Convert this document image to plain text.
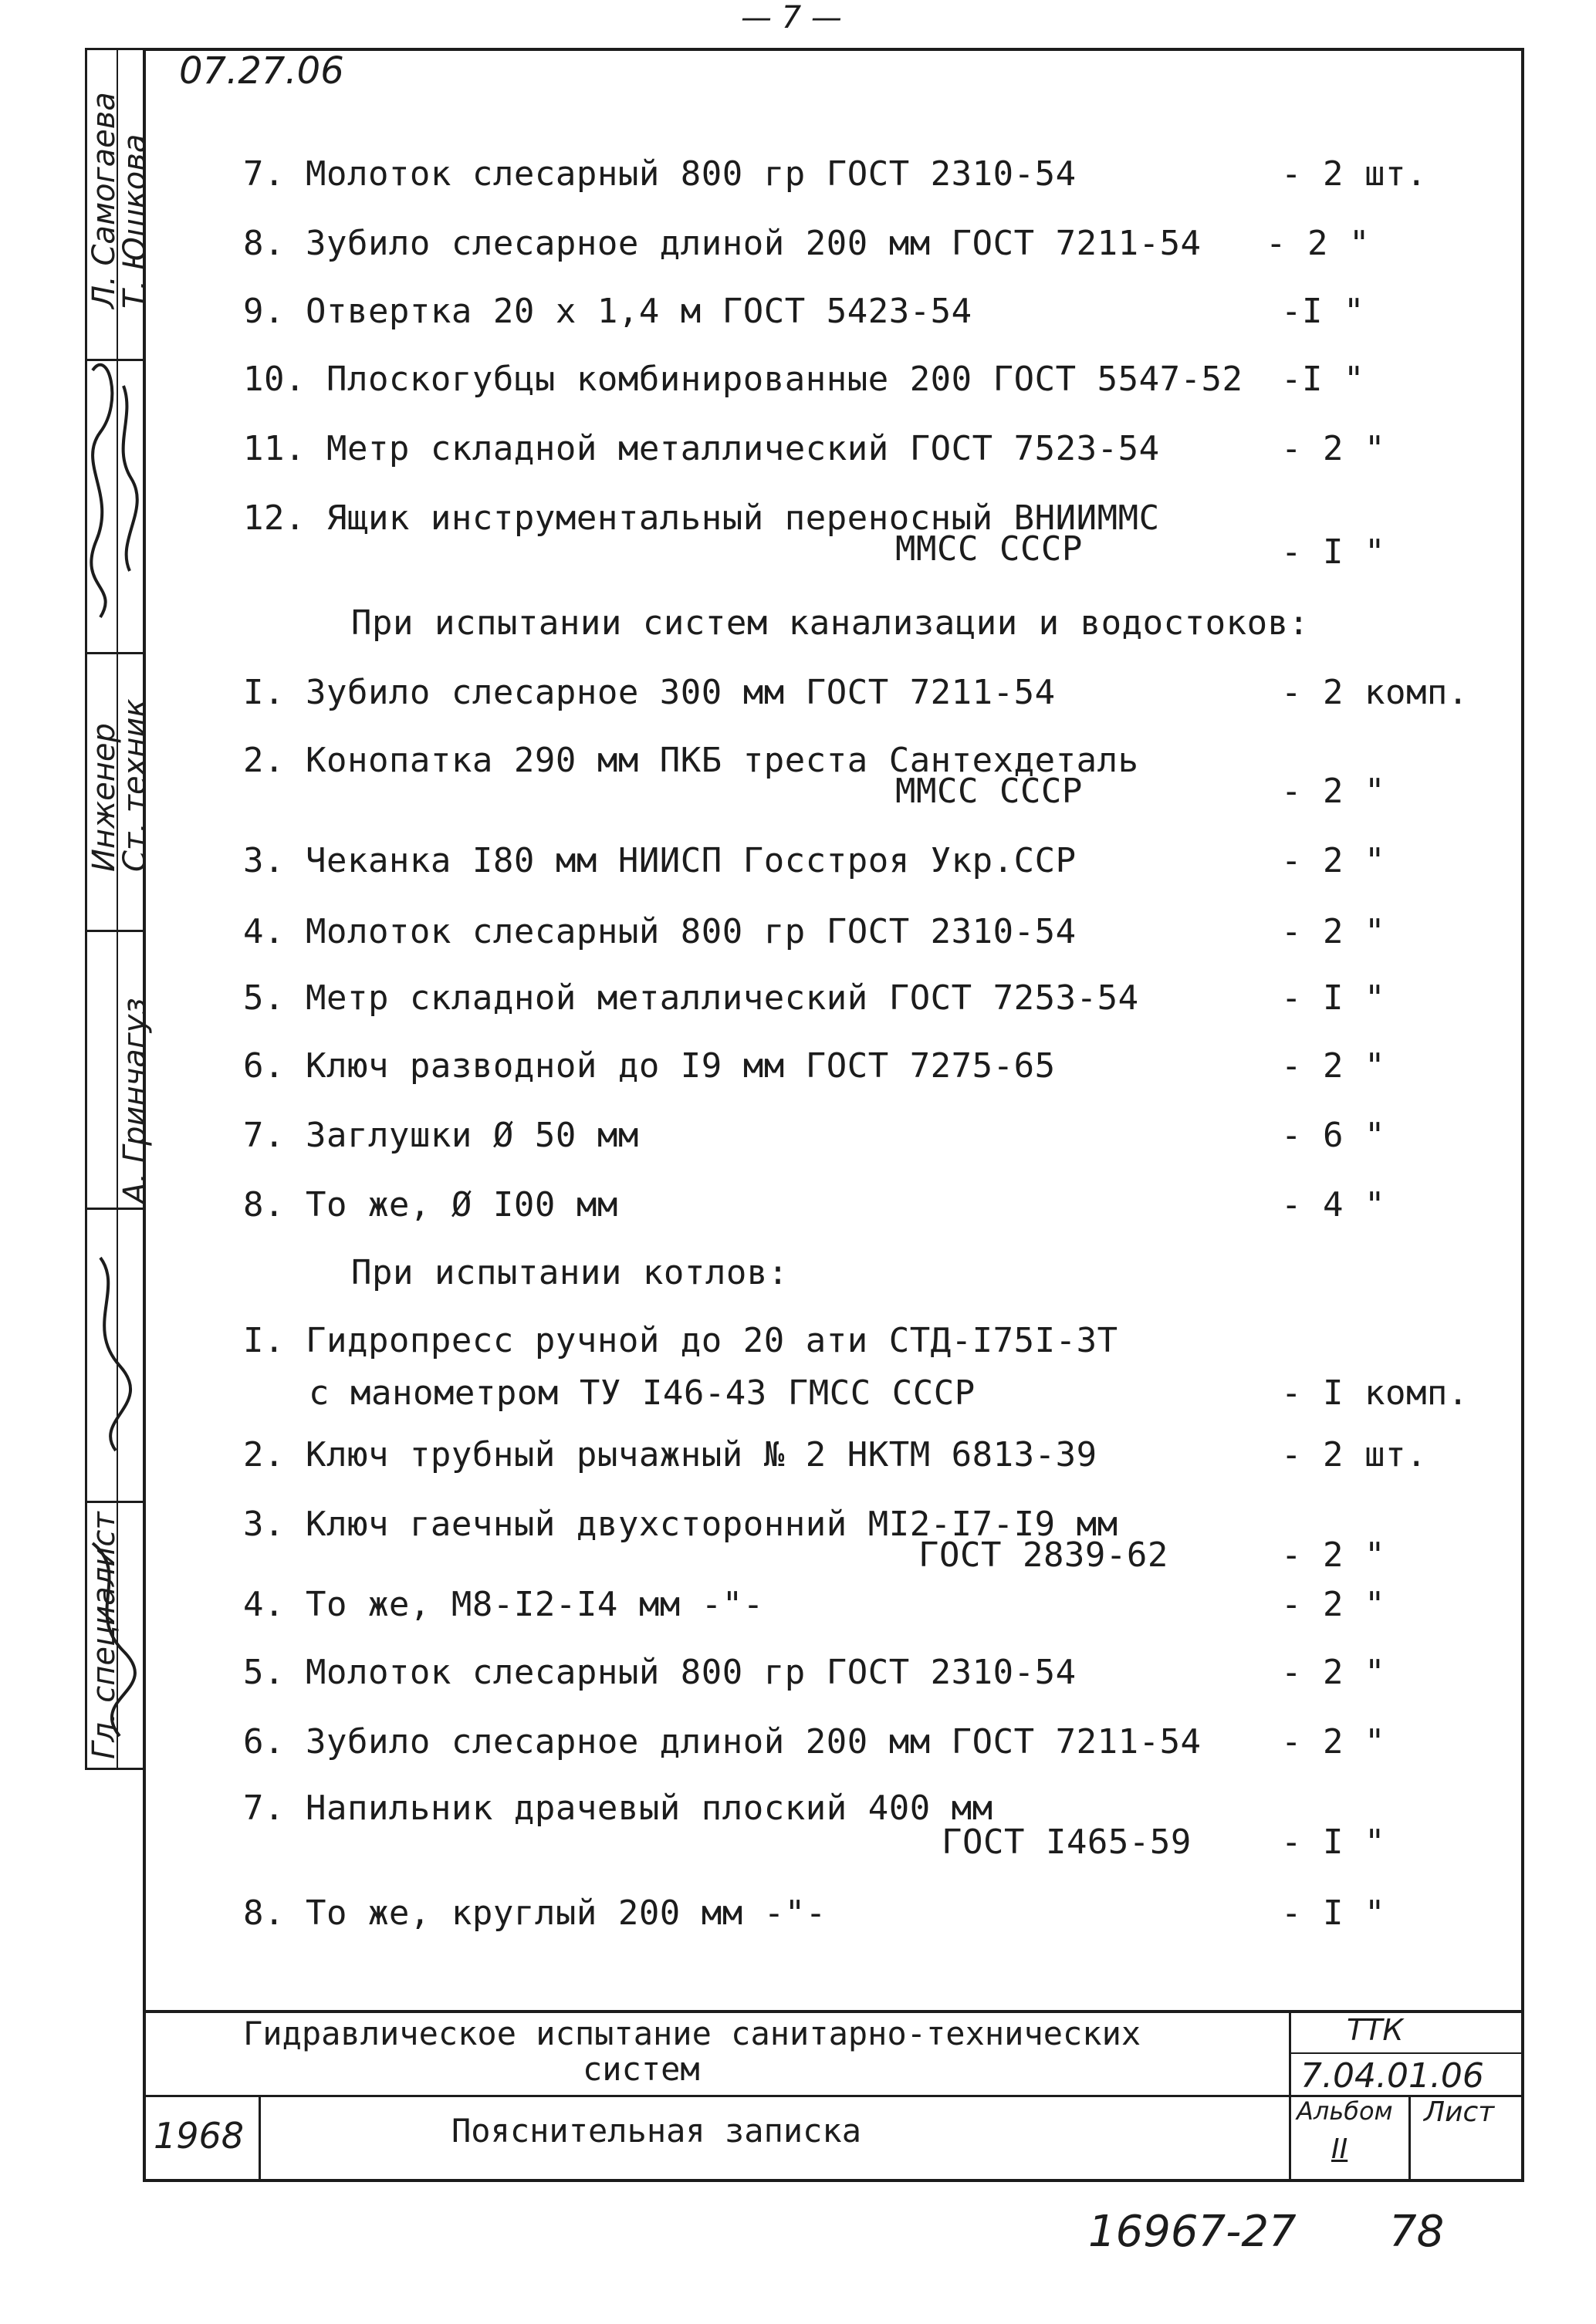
— 7 —
Л. Самогаева
Т. Юшкова
Инженер
Ст. техник
А. Гринчагуз
Гл. специалист
07.27.06
7. Молоток слесарный 800 гр ГОСТ 2310-54	- 2 шт.
8. Зубило слесарное длиной 200 мм ГОСТ 7211-54 - 2 "
9. Отвертка 20 х 1,4 м ГОСТ 5423-54	-I "
10. Плоскогубцы комбинированные 200 ГОСТ 5547-52 -I "
11. Метр складной металлический ГОСТ 7523-54	- 2 "
12. Ящик инструментальный переносный ВНИИММС
ММСС СССР	- I "
При испытании систем канализации и водостоков:
I. Зубило слесарное 300 мм ГОСТ 7211-54	- 2 комп.
2. Конопатка 290 мм ПКБ треста Сантехдеталь
ММСС СССР	- 2 "
3. Чеканка I80 мм НИИСП Госстроя Укр.ССР	- 2 "
4. Молоток слесарный 800 гр ГОСТ 2310-54	- 2 "
5. Метр складной металлический ГОСТ 7253-54	- I "
6. Ключ разводной до I9 мм ГОСТ 7275-65	- 2 "
7. Заглушки Ø 50 мм	- 6 "
8. То же, Ø I00 мм	- 4 "
При испытании котлов:
I. Гидропресс ручной до 20 ати СТД-I75I-3Т
с манометром ТУ I46-43 ГМСС СССР	- I комп.
2. Ключ трубный рычажный № 2 НКТМ 6813-39	- 2 шт.
3. Ключ гаечный двухсторонний MI2-I7-I9 мм
ГОСТ 2839-62	- 2 "
4. То же, M8-I2-I4 мм -"-	- 2 "
5. Молоток слесарный 800 гр ГОСТ 2310-54	- 2 "
6. Зубило слесарное длиной 200 мм ГОСТ 7211-54 - 2 "
7. Напильник драчевый плоский 400 мм
ГОСТ I465-59	- I "
8. То же, круглый 200 мм -"-	- I "
Гидравлическое испытание санитарно-технических
систем
Пояснительная записка
1968
ТТК
7.04.01.06
Альбом
II
Лист
16967-27 78
